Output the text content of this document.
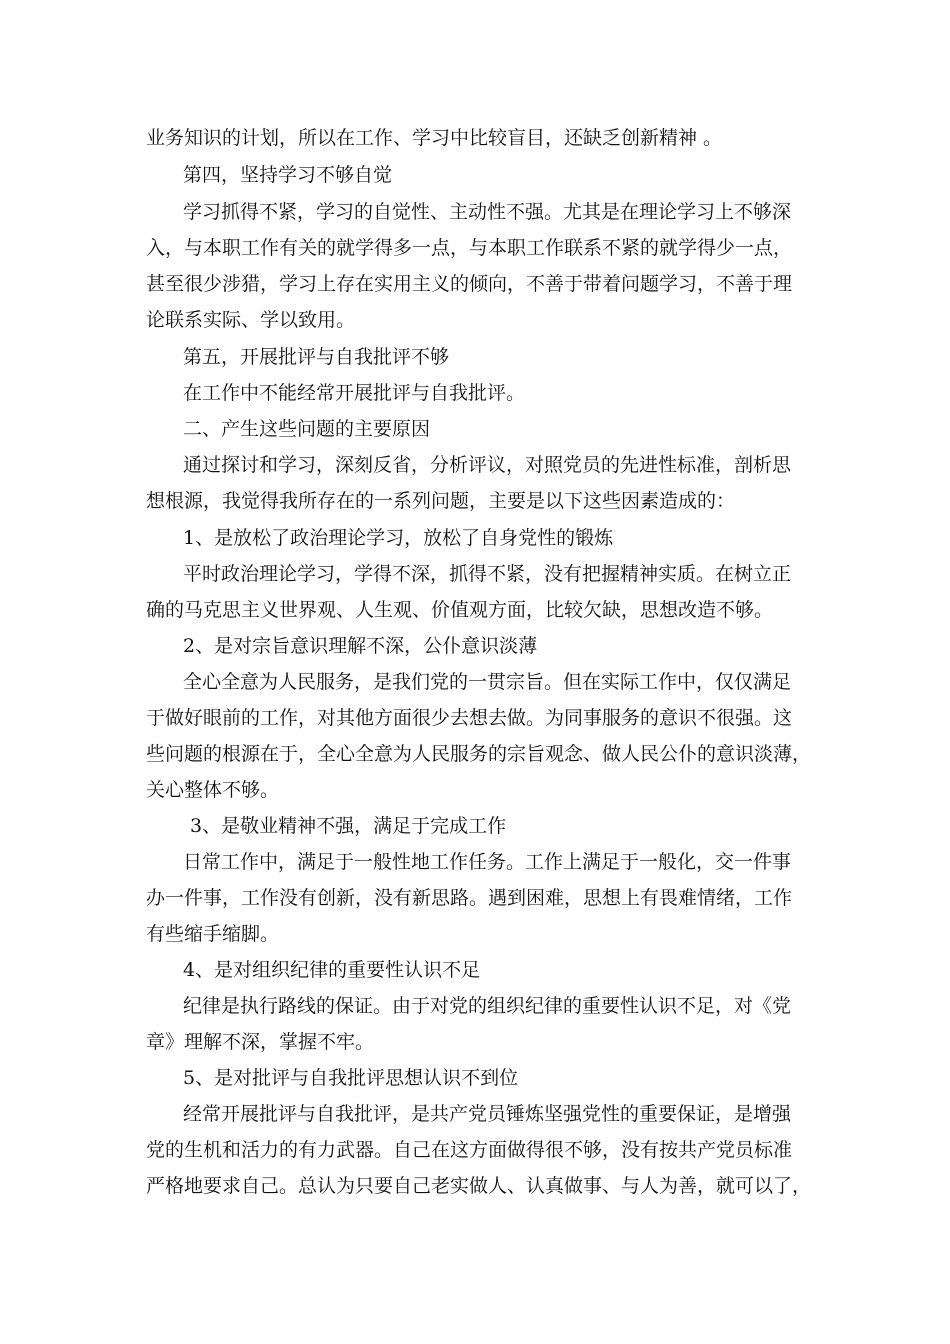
业务知识的计划，所以在工作、学习中比较盲目，还缺乏创新精神 。
第四，坚持学习不够自觉
学习抓得不紧，学习的自觉性、主动性不强。尤其是在理论学习上不够深
入，与本职工作有关的就学得多一点，与本职工作联系不紧的就学得少一点，
甚至很少涉猎，学习上存在实用主义的倾向，不善于带着问题学习，不善于理
论联系实际、学以致用。
第五，开展批评与自我批评不够
在工作中不能经常开展批评与自我批评。
二、产生这些问题的主要原因
通过探讨和学习，深刻反省，分析评议，对照党员的先进性标准，剖析思
想根源，我觉得我所存在的一系列问题，主要是以下这些因素造成的：
1、是放松了政治理论学习，放松了自身党性的锻炼
平时政治理论学习，学得不深，抓得不紧，没有把握精神实质。在树立正
确的马克思主义世界观、人生观、价值观方面，比较欠缺，思想改造不够。
2、是对宗旨意识理解不深，公仆意识淡薄
全心全意为人民服务，是我们党的一贯宗旨。但在实际工作中，仅仅满足
于做好眼前的工作，对其他方面很少去想去做。为同事服务的意识不很强。这
些问题的根源在于，全心全意为人民服务的宗旨观念、做人民公仆的意识淡薄，
关心整体不够。
3、是敬业精神不强，满足于完成工作
日常工作中，满足于一般性地工作任务。工作上满足于一般化，交一件事
办一件事，工作没有创新，没有新思路。遇到困难，思想上有畏难情绪，工作
有些缩手缩脚。
4、是对组织纪律的重要性认识不足
纪律是执行路线的保证。由于对党的组织纪律的重要性认识不足，对《党
章》理解不深，掌握不牢。
5、是对批评与自我批评思想认识不到位
经常开展批评与自我批评，是共产党员锤炼坚强党性的重要保证，是增强
党的生机和活力的有力武器。自己在这方面做得很不够，没有按共产党员标准
严格地要求自己。总认为只要自己老实做人、认真做事、与人为善，就可以了，
